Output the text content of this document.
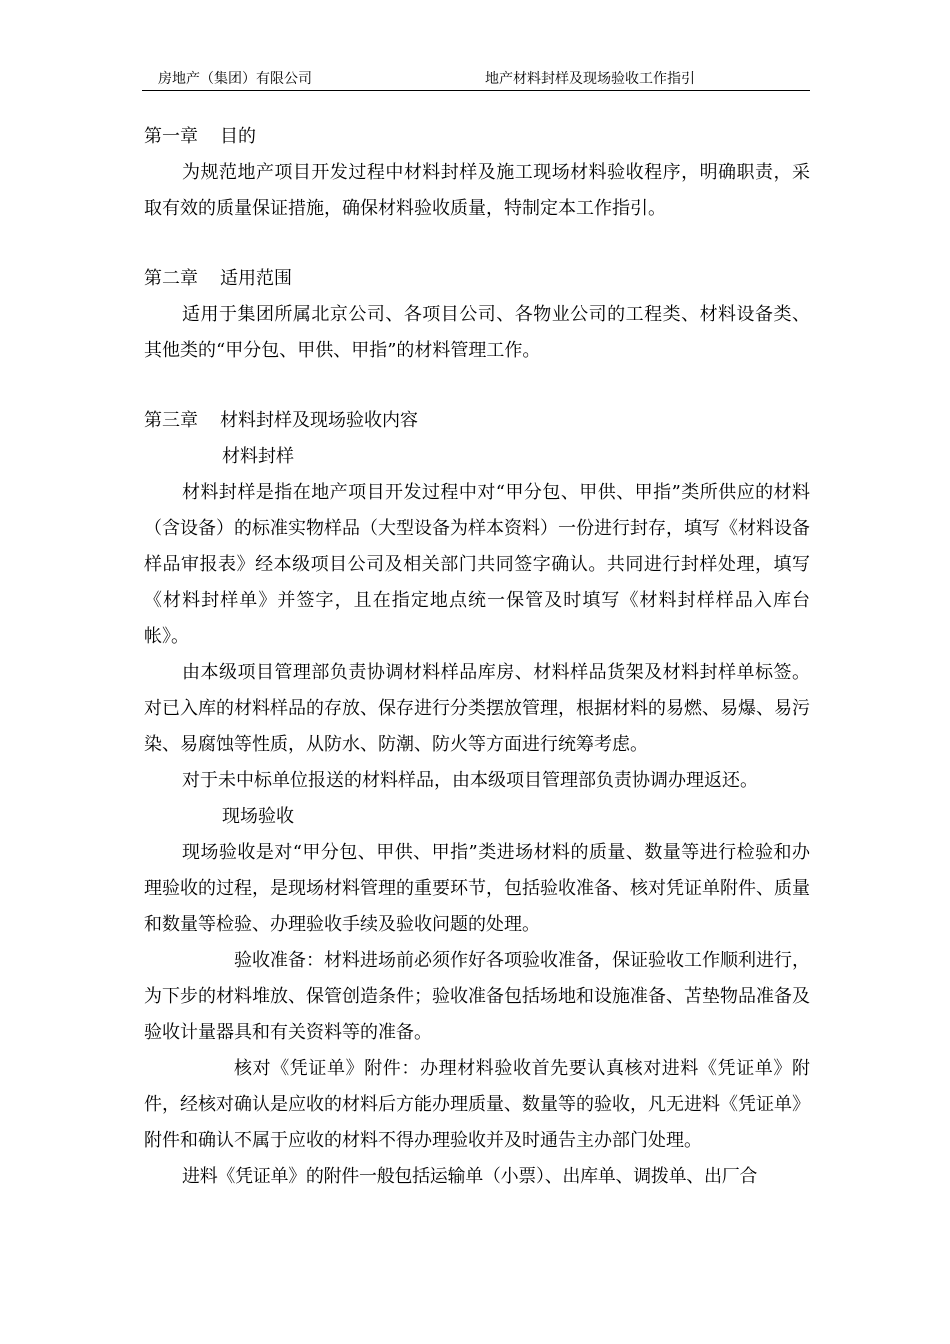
房地产（集团）有限公司	地产材料封样及现场验收工作指引
第一章 目的
为规范地产项目开发过程中材料封样及施工现场材料验收程序，明确职责，采取有效的质量保证措施，确保材料验收质量，特制定本工作指引。
第二章 适用范围
适用于集团所属北京公司、各项目公司、各物业公司的工程类、材料设备类、其他类的“甲分包、甲供、甲指”的材料管理工作。
第三章 材料封样及现场验收内容
材料封样
材料封样是指在地产项目开发过程中对“甲分包、甲供、甲指”类所供应的材料（含设备）的标准实物样品（大型设备为样本资料）一份进行封存，填写《材料设备 样品审报表》经本级项目公司及相关部门共同签字确认。共同进行封样处理，填写《材料封样单》并签字，且在指定地点统一保管及时填写《材料封样样品入库台帐》。
由本级项目管理部负责协调材料样品库房、材料样品货架及材料封样单标签。对已入库的材料样品的存放、保存进行分类摆放管理，根据材料的易燃、易爆、易污染、易腐蚀等性质，从防水、防潮、防火等方面进行统筹考虑。
对于未中标单位报送的材料样品，由本级项目管理部负责协调办理返还。
现场验收
现场验收是对“甲分包、甲供、甲指”类进场材料的质量、数量等进行检验和办理验收的过程，是现场材料管理的重要环节，包括验收准备、核对凭证单附件、质量和数量等检验、办理验收手续及验收问题的处理。
验收准备：材料进场前必须作好各项验收准备，保证验收工作顺利进行，为下步的材料堆放、保管创造条件；验收准备包括场地和设施准备、苫垫物品准备及验收计量器具和有关资料等的准备。
核对《凭证单》附件：办理材料验收首先要认真核对进料《凭证单》附件，经核对确认是应收的材料后方能办理质量、数量等的验收，凡无进料《凭证单》附件和确认不属于应收的材料不得办理验收并及时通告主办部门处理。
进料《凭证单》的附件一般包括运输单（小票）、出库单、调拨单、出厂合
